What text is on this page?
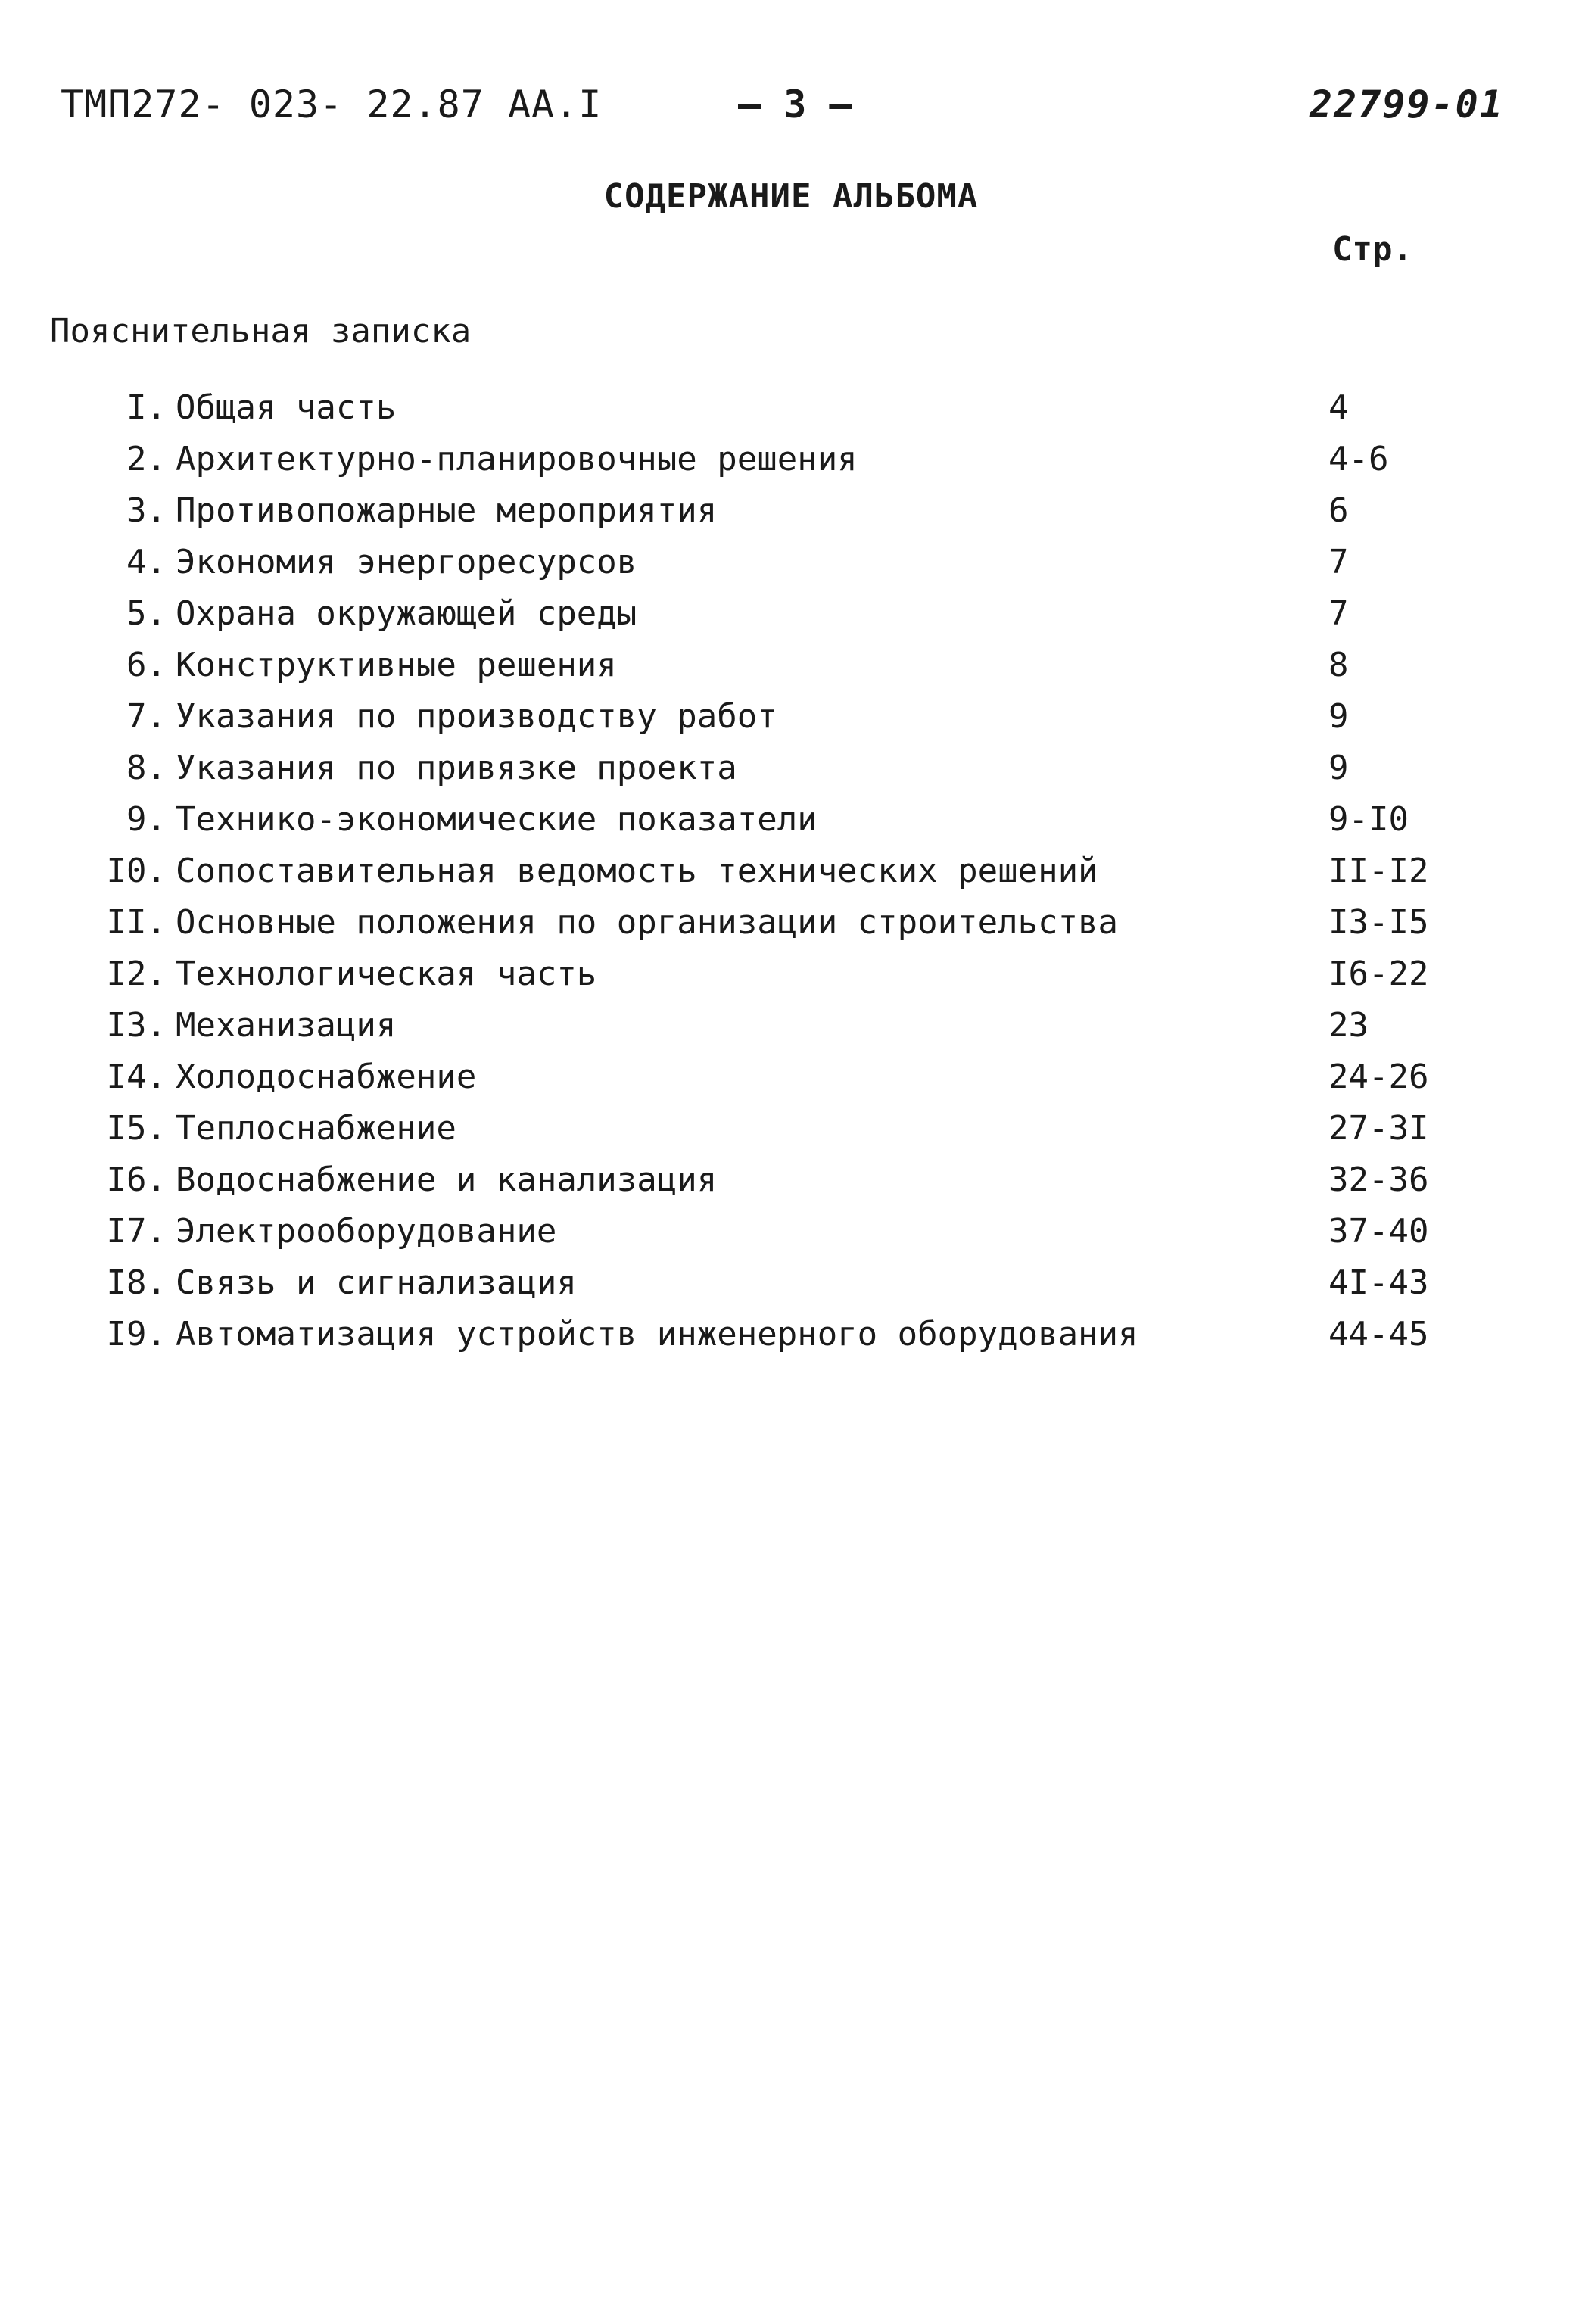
ТМП272- 023- 22.87 АА.I	– 3 –	22799-01
СОДЕРЖАНИЕ АЛЬБОМА
Стр.
Пояснительная записка
I. Общая часть	4
2. Архитектурно-планировочные решения	4-6
3. Противопожарные мероприятия	6
4. Экономия энергоресурсов	7
5. Охрана окружающей среды	7
6. Конструктивные решения	8
7. Указания по производству работ	9
8. Указания по привязке проекта	9
9. Технико-экономические показатели	9-I0
I0. Сопоставительная ведомость технических решений	II-I2
II. Основные положения по организации строительства	I3-I5
I2. Технологическая часть	I6-22
I3. Механизация	23
I4. Холодоснабжение	24-26
I5. Теплоснабжение	27-3I
I6. Водоснабжение и канализация	32-36
I7. Электрооборудование	37-40
I8. Связь и сигнализация	4I-43
I9. Автоматизация устройств инженерного оборудования	44-45
